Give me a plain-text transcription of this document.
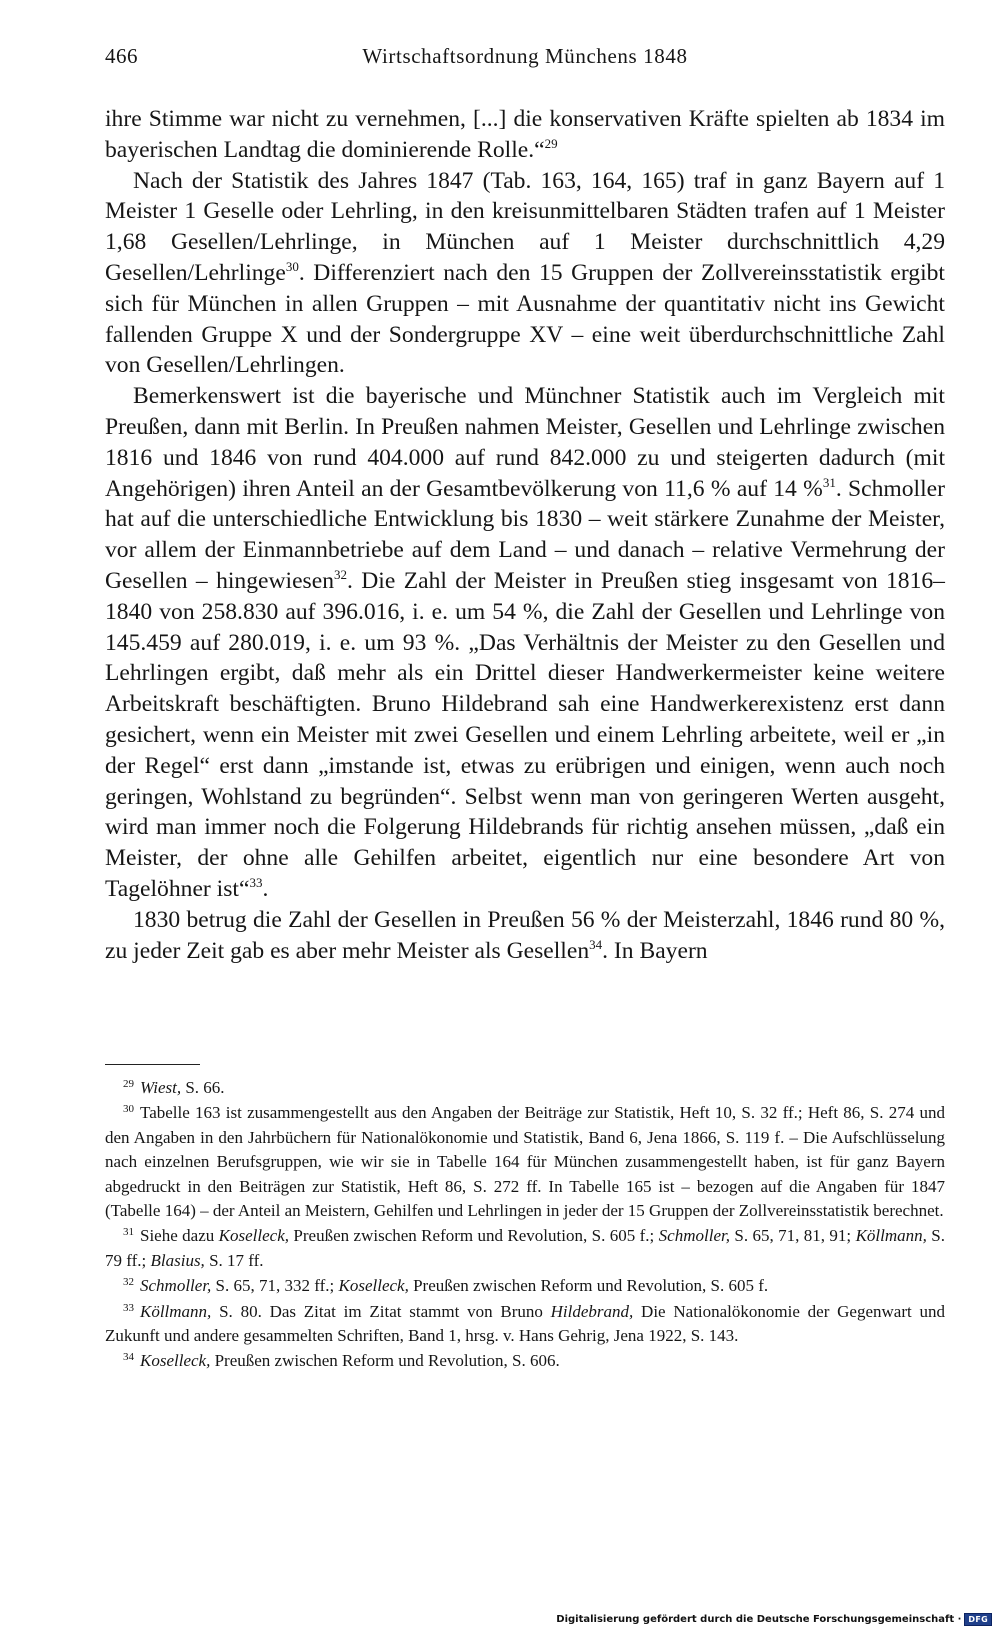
466	Wirtschaftsordnung Münchens 1848

ihre Stimme war nicht zu vernehmen, [...] die konservativen Kräfte spielten ab 1834 im bayerischen Landtag die dominierende Rolle.“$^{29}$

Nach der Statistik des Jahres 1847 (Tab. 163, 164, 165) traf in ganz Bayern auf 1 Meister 1 Geselle oder Lehrling, in den kreisunmittelbaren Städten trafen auf 1 Meister 1,68 Gesellen/Lehrlinge, in München auf 1 Meister durchschnittlich 4,29 Gesellen/Lehrlinge$^{30}$. Differenziert nach den 15 Gruppen der Zollvereinsstatistik ergibt sich für München in allen Gruppen – mit Ausnahme der quantitativ nicht ins Gewicht fallenden Gruppe X und der Sondergruppe XV – eine weit überdurchschnittliche Zahl von Gesellen/Lehrlingen.

Bemerkenswert ist die bayerische und Münchner Statistik auch im Vergleich mit Preußen, dann mit Berlin. In Preußen nahmen Meister, Gesellen und Lehrlinge zwischen 1816 und 1846 von rund 404.000 auf rund 842.000 zu und steigerten dadurch (mit Angehörigen) ihren Anteil an der Gesamtbevölkerung von 11,6 % auf 14 %$^{31}$. Schmoller hat auf die unterschiedliche Entwicklung bis 1830 – weit stärkere Zunahme der Meister, vor allem der Einmannbetriebe auf dem Land – und danach – relative Vermehrung der Gesellen – hingewiesen$^{32}$. Die Zahl der Meister in Preußen stieg insgesamt von 1816–1840 von 258.830 auf 396.016, i. e. um 54 %, die Zahl der Gesellen und Lehrlinge von 145.459 auf 280.019, i. e. um 93 %. „Das Verhältnis der Meister zu den Gesellen und Lehrlingen ergibt, daß mehr als ein Drittel dieser Handwerkermeister keine weitere Arbeitskraft beschäftigten. Bruno Hildebrand sah eine Handwerkerexistenz erst dann gesichert, wenn ein Meister mit zwei Gesellen und einem Lehrling arbeitete, weil er „in der Regel“ erst dann „imstande ist, etwas zu erübrigen und einigen, wenn auch noch geringen, Wohlstand zu begründen“. Selbst wenn man von geringeren Werten ausgeht, wird man immer noch die Folgerung Hildebrands für richtig ansehen müssen, „daß ein Meister, der ohne alle Gehilfen arbeitet, eigentlich nur eine besondere Art von Tagelöhner ist“$^{33}$.

1830 betrug die Zahl der Gesellen in Preußen 56 % der Meisterzahl, 1846 rund 80 %, zu jeder Zeit gab es aber mehr Meister als Gesellen$^{34}$. In Bayern

$^{29}$ Wiest, S. 66.

$^{30}$ Tabelle 163 ist zusammengestellt aus den Angaben der Beiträge zur Statistik, Heft 10, S. 32 ff.; Heft 86, S. 274 und den Angaben in den Jahrbüchern für Nationalökonomie und Statistik, Band 6, Jena 1866, S. 119 f. – Die Aufschlüsselung nach einzelnen Berufsgruppen, wie wir sie in Tabelle 164 für München zusammengestellt haben, ist für ganz Bayern abgedruckt in den Beiträgen zur Statistik, Heft 86, S. 272 ff. In Tabelle 165 ist – bezogen auf die Angaben für 1847 (Tabelle 164) – der Anteil an Meistern, Gehilfen und Lehrlingen in jeder der 15 Gruppen der Zollvereinsstatistik berechnet.

$^{31}$ Siehe dazu Koselleck, Preußen zwischen Reform und Revolution, S. 605 f.; Schmoller, S. 65, 71, 81, 91; Köllmann, S. 79 ff.; Blasius, S. 17 ff.

$^{32}$ Schmoller, S. 65, 71, 332 ff.; Koselleck, Preußen zwischen Reform und Revolution, S. 605 f.

$^{33}$ Köllmann, S. 80. Das Zitat im Zitat stammt von Bruno Hildebrand, Die Nationalökonomie der Gegenwart und Zukunft und andere gesammelten Schriften, Band 1, hrsg. v. Hans Gehrig, Jena 1922, S. 143.

$^{34}$ Koselleck, Preußen zwischen Reform und Revolution, S. 606.

Digitalisierung gefördert durch die Deutsche Forschungsgemeinschaft · DFG
